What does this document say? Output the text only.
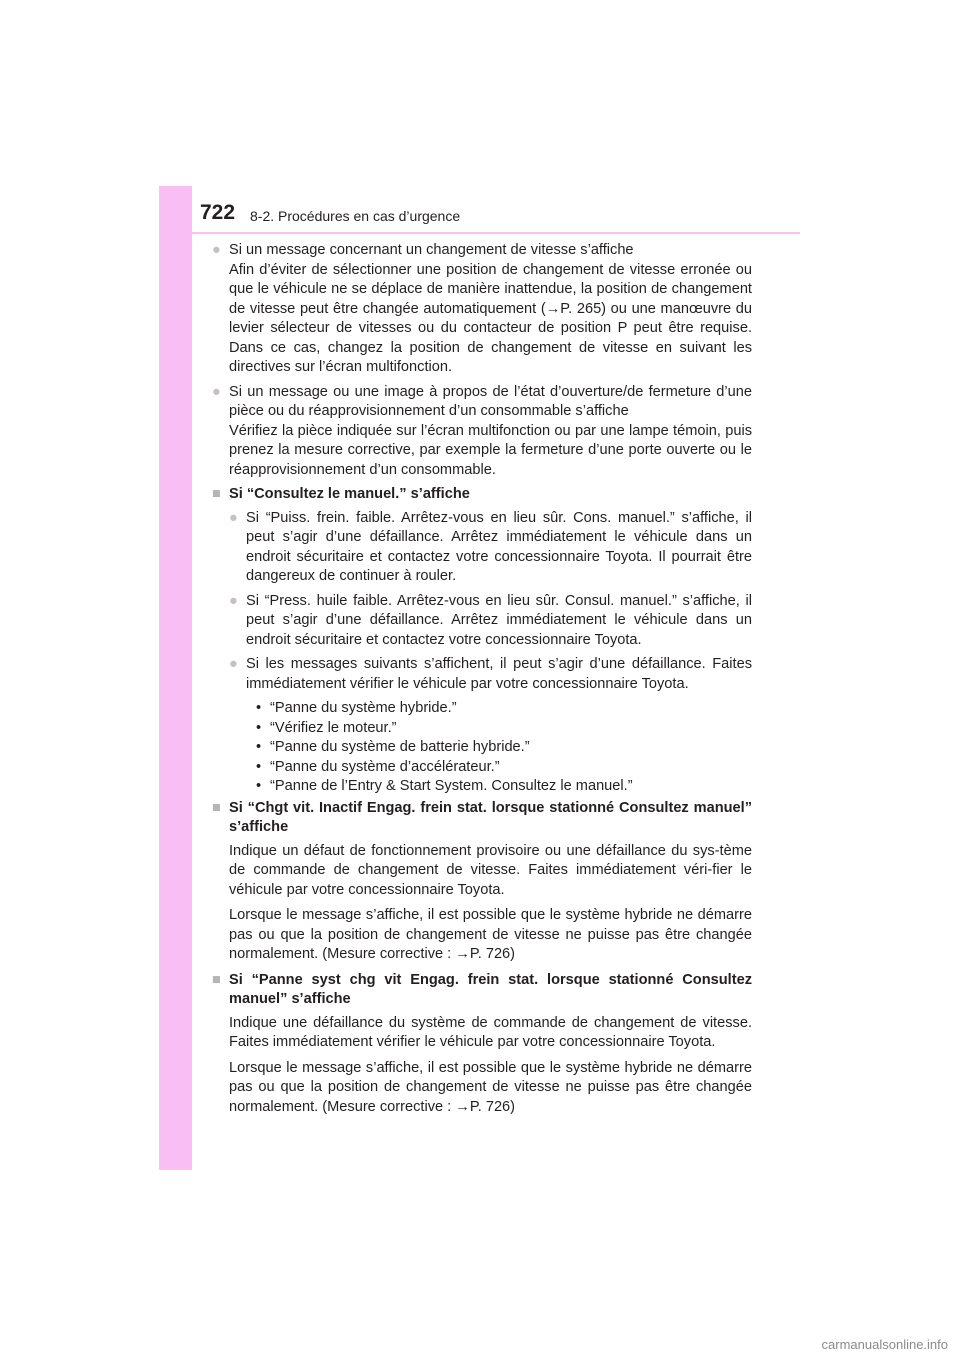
722 8-2. Procédures en cas d’urgence
● Si un message concernant un changement de vitesse s’affiche

Afin d’éviter de sélectionner une position de changement de vitesse erronée ou que le véhicule ne se déplace de manière inattendue, la position de changement de vitesse peut être changée automatiquement (→P. 265) ou une manœuvre du levier sélecteur de vitesses ou du contacteur de position P peut être requise. Dans ce cas, changez la position de changement de vitesse en suivant les directives sur l’écran multifonction.

● Si un message ou une image à propos de l’état d’ouverture/de fermeture d’une pièce ou du réapprovisionnement d’un consommable s’affiche

Vérifiez la pièce indiquée sur l’écran multifonction ou par une lampe témoin, puis prenez la mesure corrective, par exemple la fermeture d’une porte ouverte ou le réapprovisionnement d’un consommable.

■ Si “Consultez le manuel.” s’affiche
● Si “Puiss. frein. faible. Arrêtez-vous en lieu sûr. Cons. manuel.” s’affiche, il peut s’agir d’une défaillance. Arrêtez immédiatement le véhicule dans un endroit sécuritaire et contactez votre concessionnaire Toyota. Il pourrait être dangereux de continuer à rouler.

● Si “Press. huile faible. Arrêtez-vous en lieu sûr. Consul. manuel.” s’affiche, il peut s’agir d’une défaillance. Arrêtez immédiatement le véhicule dans un endroit sécuritaire et contactez votre concessionnaire Toyota.

● Si les messages suivants s’affichent, il peut s’agir d’une défaillance. Faites immédiatement vérifier le véhicule par votre concessionnaire Toyota.

• “Panne du système hybride.”
• “Vérifiez le moteur.”
• “Panne du système de batterie hybride.”
• “Panne du système d’accélérateur.”
• “Panne de l’Entry & Start System. Consultez le manuel.”
■ Si “Chgt vit. Inactif Engag. frein stat. lorsque stationné Consultez manuel” s’affiche

Indique un défaut de fonctionnement provisoire ou une défaillance du sys-tème de commande de changement de vitesse. Faites immédiatement véri-fier le véhicule par votre concessionnaire Toyota.

Lorsque le message s’affiche, il est possible que le système hybride ne démarre pas ou que la position de changement de vitesse ne puisse pas être changée normalement. (Mesure corrective : →P. 726)

■ Si “Panne syst chg vit Engag. frein stat. lorsque stationné Consultez manuel” s’affiche

Indique une défaillance du système de commande de changement de vitesse. Faites immédiatement vérifier le véhicule par votre concessionnaire Toyota.

Lorsque le message s’affiche, il est possible que le système hybride ne démarre pas ou que la position de changement de vitesse ne puisse pas être changée normalement. (Mesure corrective : →P. 726)

carmanualsonline.info
